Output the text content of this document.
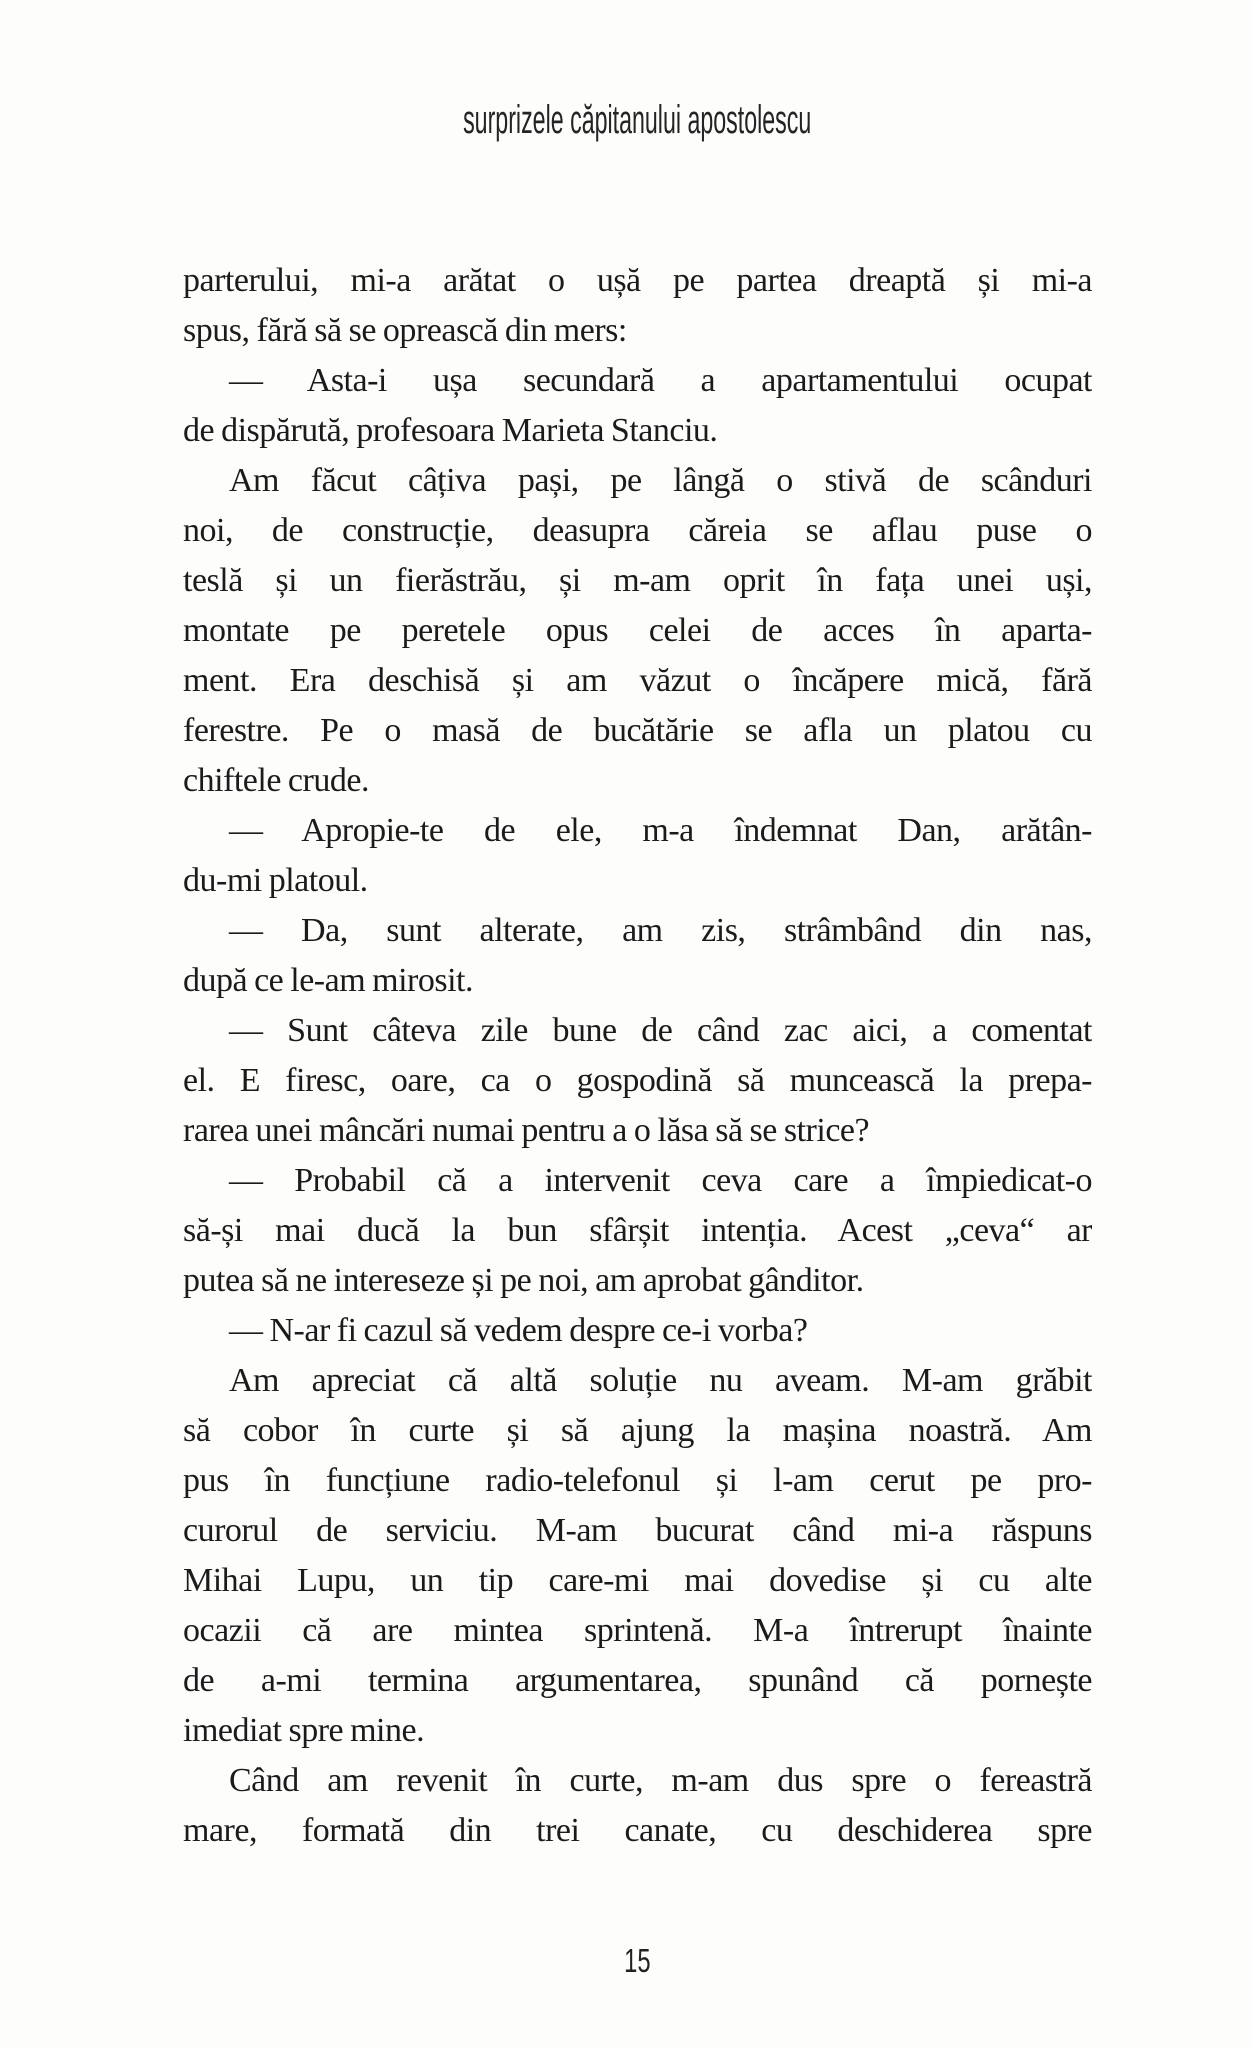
surprizele căpitanului apostolescu
parterului, mi-a arătat o ușă pe partea dreaptă și mi-a
spus, fără să se oprească din mers:
— Asta-i ușa secundară a apartamentului ocupat
de dispărută, profesoara Marieta Stanciu.
Am făcut câțiva pași, pe lângă o stivă de scânduri
noi, de construcție, deasupra căreia se aflau puse o
teslă și un fierăstrău, și m-am oprit în fața unei uși,
montate pe peretele opus celei de acces în aparta-
ment. Era deschisă și am văzut o încăpere mică, fără
ferestre. Pe o masă de bucătărie se afla un platou cu
chiftele crude.
— Apropie-te de ele, m-a îndemnat Dan, arătân-
du-mi platoul.
— Da, sunt alterate, am zis, strâmbând din nas,
după ce le-am mirosit.
— Sunt câteva zile bune de când zac aici, a comentat
el. E firesc, oare, ca o gospodină să muncească la prepa-
rarea unei mâncări numai pentru a o lăsa să se strice?
— Probabil că a intervenit ceva care a împiedicat-o
să-și mai ducă la bun sfârșit intenția. Acest „ceva“ ar
putea să ne intereseze și pe noi, am aprobat gânditor.
— N-ar fi cazul să vedem despre ce-i vorba?
Am apreciat că altă soluție nu aveam. M-am grăbit
să cobor în curte și să ajung la mașina noastră. Am
pus în funcțiune radio-telefonul și l-am cerut pe pro-
curorul de serviciu. M-am bucurat când mi-a răspuns
Mihai Lupu, un tip care-mi mai dovedise și cu alte
ocazii că are mintea sprintenă. M-a întrerupt înainte
de a-mi termina argumentarea, spunând că pornește
imediat spre mine.
Când am revenit în curte, m-am dus spre o fereastră
mare, formată din trei canate, cu deschiderea spre
15
